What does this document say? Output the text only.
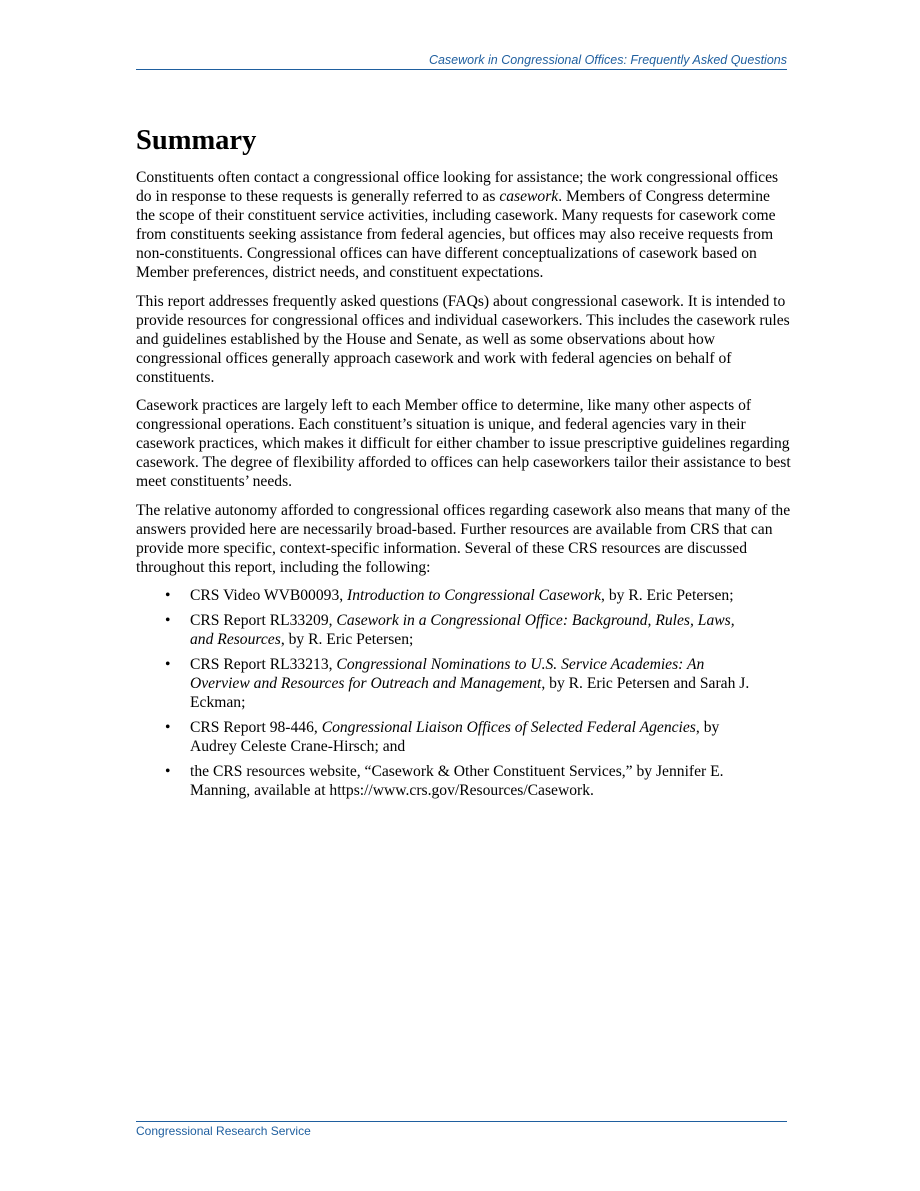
Casework in Congressional Offices: Frequently Asked Questions
Summary

Constituents often contact a congressional office looking for assistance; the work congressional offices do in response to these requests is generally referred to as casework. Members of Congress determine the scope of their constituent service activities, including casework. Many requests for casework come from constituents seeking assistance from federal agencies, but offices may also receive requests from non-constituents. Congressional offices can have different conceptualizations of casework based on Member preferences, district needs, and constituent expectations.

This report addresses frequently asked questions (FAQs) about congressional casework. It is intended to provide resources for congressional offices and individual caseworkers. This includes the casework rules and guidelines established by the House and Senate, as well as some observations about how congressional offices generally approach casework and work with federal agencies on behalf of constituents.

Casework practices are largely left to each Member office to determine, like many other aspects of congressional operations. Each constituent’s situation is unique, and federal agencies vary in their casework practices, which makes it difficult for either chamber to issue prescriptive guidelines regarding casework. The degree of flexibility afforded to offices can help caseworkers tailor their assistance to best meet constituents’ needs.

The relative autonomy afforded to congressional offices regarding casework also means that many of the answers provided here are necessarily broad-based. Further resources are available from CRS that can provide more specific, context-specific information. Several of these CRS resources are discussed throughout this report, including the following:

• CRS Video WVB00093, Introduction to Congressional Casework, by R. Eric Petersen;
• CRS Report RL33209, Casework in a Congressional Office: Background, Rules, Laws, and Resources, by R. Eric Petersen;
• CRS Report RL33213, Congressional Nominations to U.S. Service Academies: An Overview and Resources for Outreach and Management, by R. Eric Petersen and Sarah J. Eckman;
• CRS Report 98-446, Congressional Liaison Offices of Selected Federal Agencies, by Audrey Celeste Crane-Hirsch; and
• the CRS resources website, “Casework & Other Constituent Services,” by Jennifer E. Manning, available at https://www.crs.gov/Resources/Casework.
Congressional Research Service
